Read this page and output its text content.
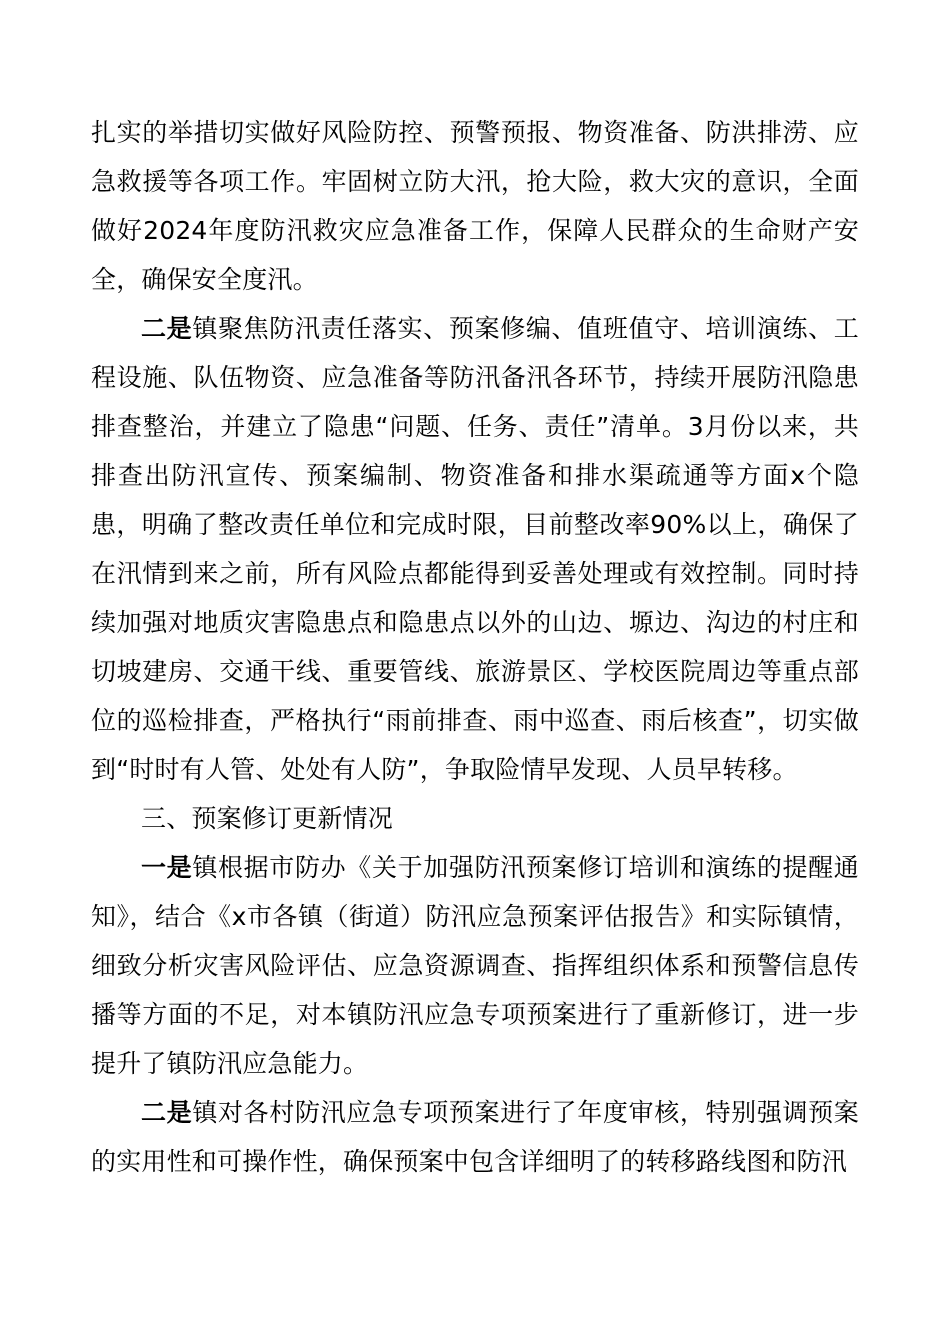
扎实的举措切实做好风险防控、预警预报、物资准备、防洪排涝、应急救援等各项工作。牢固树立防大汛，抢大险，救大灾的意识，全面做好2024年度防汛救灾应急准备工作，保障人民群众的生命财产安全，确保安全度汛。

二是镇聚焦防汛责任落实、预案修编、值班值守、培训演练、工程设施、队伍物资、应急准备等防汛备汛各环节，持续开展防汛隐患排查整治，并建立了隐患“问题、任务、责任”清单。3月份以来，共排查出防汛宣传、预案编制、物资准备和排水渠疏通等方面x个隐患，明确了整改责任单位和完成时限，目前整改率90%以上，确保了在汛情到来之前，所有风险点都能得到妥善处理或有效控制。同时持续加强对地质灾害隐患点和隐患点以外的山边、塬边、沟边的村庄和切坡建房、交通干线、重要管线、旅游景区、学校医院周边等重点部位的巡检排查，严格执行“雨前排查、雨中巡查、雨后核查”，切实做到“时时有人管、处处有人防”，争取险情早发现、人员早转移。

三、预案修订更新情况

一是镇根据市防办《关于加强防汛预案修订培训和演练的提醒通知》，结合《x市各镇（街道）防汛应急预案评估报告》和实际镇情，细致分析灾害风险评估、应急资源调查、指挥组织体系和预警信息传播等方面的不足，对本镇防汛应急专项预案进行了重新修订，进一步提升了镇防汛应急能力。

二是镇对各村防汛应急专项预案进行了年度审核，特别强调预案的实用性和可操作性，确保预案中包含详细明了的转移路线图和防汛
